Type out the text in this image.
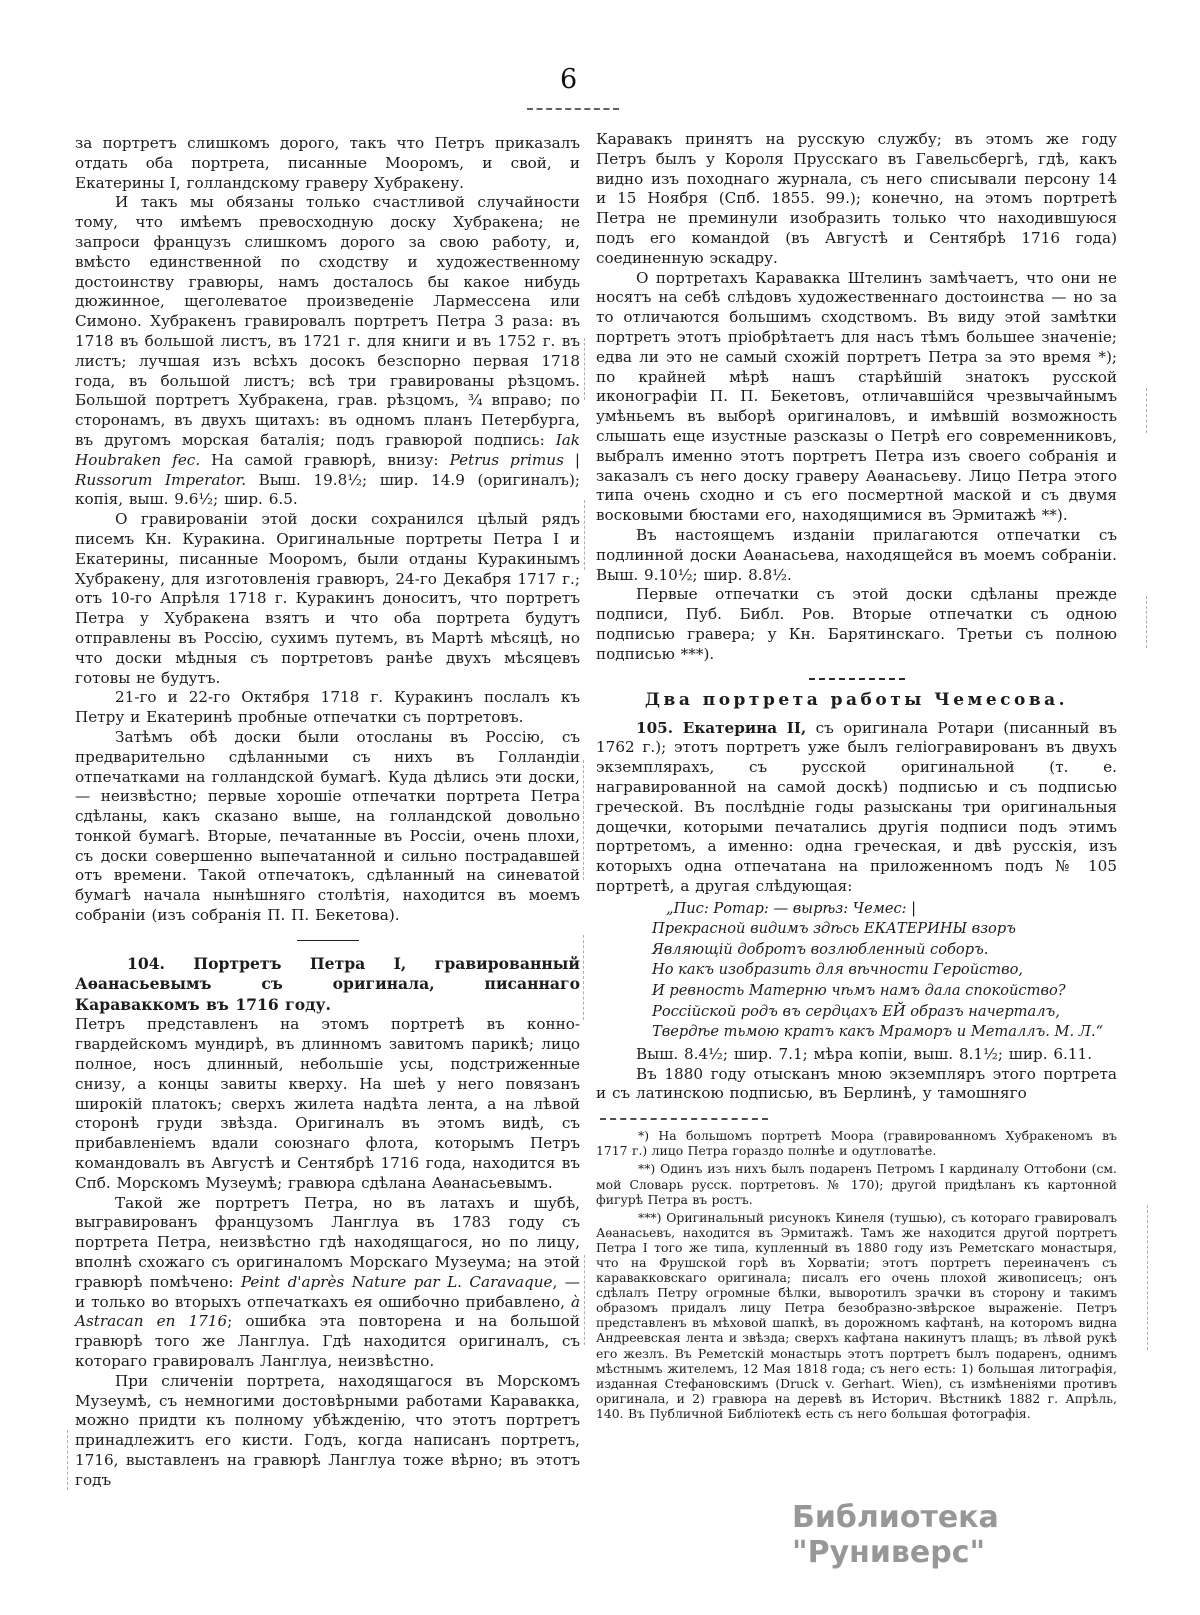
6

за портретъ слишкомъ дорого, такъ что Петръ приказалъ отдать оба портрета, писанные Мооромъ, и свой, и Екатерины I, голландскому граверу Хубракену.

И такъ мы обязаны только счастливой случайности тому, что имѣемъ превосходную доску Хубракена; не запроси французъ слишкомъ дорого за свою работу, и, вмѣсто единственной по сходству и художественному достоинству гравюры, намъ досталось бы какое нибудь дюжинное, щеголеватое произведеніе Лармессена или Симоно. Хубракенъ гравировалъ портретъ Петра 3 раза: въ 1718 въ большой листъ, въ 1721 г. для книги и въ 1752 г. въ листъ; лучшая изъ всѣхъ досокъ безспорно первая 1718 года, въ большой листъ; всѣ три гравированы рѣзцомъ. Большой портретъ Хубракена, грав. рѣзцомъ, ¾ вправо; по сторонамъ, въ двухъ щитахъ: въ одномъ планъ Петербурга, въ другомъ морская баталія; подъ гравюрой подпись: Iak Houbraken fec. На самой гравюрѣ, внизу: Petrus primus | Russorum Imperator. Выш. 19.8½; шир. 14.9 (оригиналъ); копія, выш. 9.6½; шир. 6.5.

О гравированіи этой доски сохранился цѣлый рядъ писемъ Кн. Куракина. Оригинальные портреты Петра I и Екатерины, писанные Мооромъ, были отданы Куракинымъ Хубракену, для изготовленія гравюръ, 24-го Декабря 1717 г.; отъ 10-го Апрѣля 1718 г. Куракинъ доноситъ, что портретъ Петра у Хубракена взятъ и что оба портрета будутъ отправлены въ Россію, сухимъ путемъ, въ Мартѣ мѣсяцѣ, но что доски мѣдныя съ портретовъ ранѣе двухъ мѣсяцевъ готовы не будутъ.

21-го и 22-го Октября 1718 г. Куракинъ послалъ къ Петру и Екатеринѣ пробные отпечатки съ портретовъ.

Затѣмъ обѣ доски были отосланы въ Россію, съ предварительно сдѣланными съ нихъ въ Голландіи отпечатками на голландской бумагѣ. Куда дѣлись эти доски, — неизвѣстно; первые хорошіе отпечатки портрета Петра сдѣланы, какъ сказано выше, на голландской довольно тонкой бумагѣ. Вторые, печатанные въ Россіи, очень плохи, съ доски совершенно выпечатанной и сильно пострадавшей отъ времени. Такой отпечатокъ, сдѣланный на синеватой бумагѣ начала нынѣшняго столѣтія, находится въ моемъ собраніи (изъ собранія П. П. Бекетова).

104. Портретъ Петра I, гравированный Аѳанасьевымъ съ оригинала, писаннаго Караваккомъ въ 1716 году.

Петръ представленъ на этомъ портретѣ въ конно-гвардейскомъ мундирѣ, въ длинномъ завитомъ парикѣ; лицо полное, носъ длинный, небольшіе усы, подстриженные снизу, а концы завиты кверху. На шеѣ у него повязанъ широкій платокъ; сверхъ жилета надѣта лента, а на лѣвой сторонѣ груди звѣзда. Оригиналъ въ этомъ видѣ, съ прибавленіемъ вдали союзнаго флота, которымъ Петръ командовалъ въ Августѣ и Сентябрѣ 1716 года, находится въ Спб. Морскомъ Музеумѣ; гравюра сдѣлана Аѳанасьевымъ.

Такой же портретъ Петра, но въ латахъ и шубѣ, выгравированъ французомъ Ланглуа въ 1783 году съ портрета Петра, неизвѣстно гдѣ находящагося, но по лицу, вполнѣ схожаго съ оригиналомъ Морскаго Музеума; на этой гравюрѣ помѣчено: Peint d'après Nature par L. Caravaque, — и только во вторыхъ отпечаткахъ ея ошибочно прибавлено, à Astracan en 1716; ошибка эта повторена и на большой гравюрѣ того же Ланглуа. Гдѣ находится оригиналъ, съ котораго гравировалъ Ланглуа, неизвѣстно.

При сличеніи портрета, находящагося въ Морскомъ Музеумѣ, съ немногими достовѣрными работами Каравакка, можно придти къ полному убѣжденію, что этотъ портретъ принадлежитъ его кисти. Годъ, когда написанъ портретъ, 1716, выставленъ на гравюрѣ Ланглуа тоже вѣрно; въ этотъ годъ

Каравакъ принятъ на русскую службу; въ этомъ же году Петръ былъ у Короля Прусскаго въ Гавельсбергѣ, гдѣ, какъ видно изъ походнаго журнала, съ него списывали персону 14 и 15 Ноября (Спб. 1855. 99.); конечно, на этомъ портретѣ Петра не преминули изобразить только что находившуюся подъ его командой (въ Августѣ и Сентябрѣ 1716 года) соединенную эскадру.

О портретахъ Каравакка Штелинъ замѣчаетъ, что они не носятъ на себѣ слѣдовъ художественнаго достоинства — но за то отличаются большимъ сходствомъ. Въ виду этой замѣтки портретъ этотъ пріобрѣтаетъ для насъ тѣмъ большее значеніе; едва ли это не самый схожій портретъ Петра за это время *); по крайней мѣрѣ нашъ старѣйшій знатокъ русской иконографіи П. П. Бекетовъ, отличавшійся чрезвычайнымъ умѣньемъ въ выборѣ оригиналовъ, и имѣвшій возможность слышать еще изустные разсказы о Петрѣ его современниковъ, выбралъ именно этотъ портретъ Петра изъ своего собранія и заказалъ съ него доску граверу Аѳанасьеву. Лицо Петра этого типа очень сходно и съ его посмертной маской и съ двумя восковыми бюстами его, находящимися въ Эрмитажѣ **).

Въ настоящемъ изданіи прилагаются отпечатки съ подлинной доски Аѳанасьева, находящейся въ моемъ собраніи. Выш. 9.10½; шир. 8.8½.

Первые отпечатки съ этой доски сдѣланы прежде подписи, Пуб. Библ. Ров. Вторые отпечатки съ одною подписью гравера; у Кн. Барятинскаго. Третьи съ полною подписью ***).

Два портрета работы Чемесова.

105. Екатерина II, съ оригинала Ротари (писанный въ 1762 г.); этотъ портретъ уже былъ геліогравированъ въ двухъ экземплярахъ, съ русской оригинальной (т. е. награвированной на самой доскѣ) подписью и съ подписью греческой. Въ послѣдніе годы разысканы три оригинальныя дощечки, которыми печатались другія подписи подъ этимъ портретомъ, а именно: одна греческая, и двѣ русскія, изъ которыхъ одна отпечатана на приложенномъ подъ № 105 портретѣ, а другая слѣдующая:

„Пис: Ротар: — вырѣз: Чемес: |
Прекрасной видимъ здѣсь ЕКАТЕРИНЫ взоръ
Являющій добротъ возлюбленный соборъ.
Но какъ изобразить для вѣчности Геройство,
И ревность Матерню чѣмъ намъ дала спокойство?
Россійской родъ въ сердцахъ ЕЙ образъ начерталъ,
Твердѣе тьмою кратъ какъ Мраморъ и Металлъ. М. Л.“

Выш. 8.4½; шир. 7.1; мѣра копіи, выш. 8.1½; шир. 6.11.

Въ 1880 году отысканъ мною экземпляръ этого портрета и съ латинскою подписью, въ Берлинѣ, у тамошняго

*) На большомъ портретѣ Моора (гравированномъ Хубракеномъ въ 1717 г.) лицо Петра гораздо полнѣе и одутловатѣе.

**) Одинъ изъ нихъ былъ подаренъ Петромъ I кардиналу Оттобони (см. мой Словарь русск. портретовъ. № 170); другой придѣланъ къ картонной фигурѣ Петра въ ростъ.

***) Оригинальный рисунокъ Кинеля (тушью), съ котораго гравировалъ Аѳанасьевъ, находится въ Эрмитажѣ. Тамъ же находится другой портретъ Петра I того же типа, купленный въ 1880 году изъ Реметскаго монастыря, что на Фрушской горѣ въ Хорватіи; этотъ портретъ переиначенъ съ каравакковскаго оригинала; писалъ его очень плохой живописецъ; онъ сдѣлалъ Петру огромные бѣлки, выворотилъ зрачки въ сторону и такимъ образомъ придалъ лицу Петра безобразно-звѣрское выраженіе. Петръ представленъ въ мѣховой шапкѣ, въ дорожномъ кафтанѣ, на которомъ видна Андреевская лента и звѣзда; сверхъ кафтана накинутъ плащъ; въ лѣвой рукѣ его жезлъ. Въ Реметскій монастырь этотъ портретъ былъ подаренъ, однимъ мѣстнымъ жителемъ, 12 Мая 1818 года; съ него есть: 1) большая литографія, изданная Стефановскимъ (Druck v. Gerhart. Wien), съ измѣненіями противъ оригинала, и 2) гравюра на деревѣ въ Историч. Вѣстникѣ 1882 г. Апрѣль, 140. Въ Публичной Библіотекѣ есть съ него большая фотографія.

Библиотека "Руниверс"
